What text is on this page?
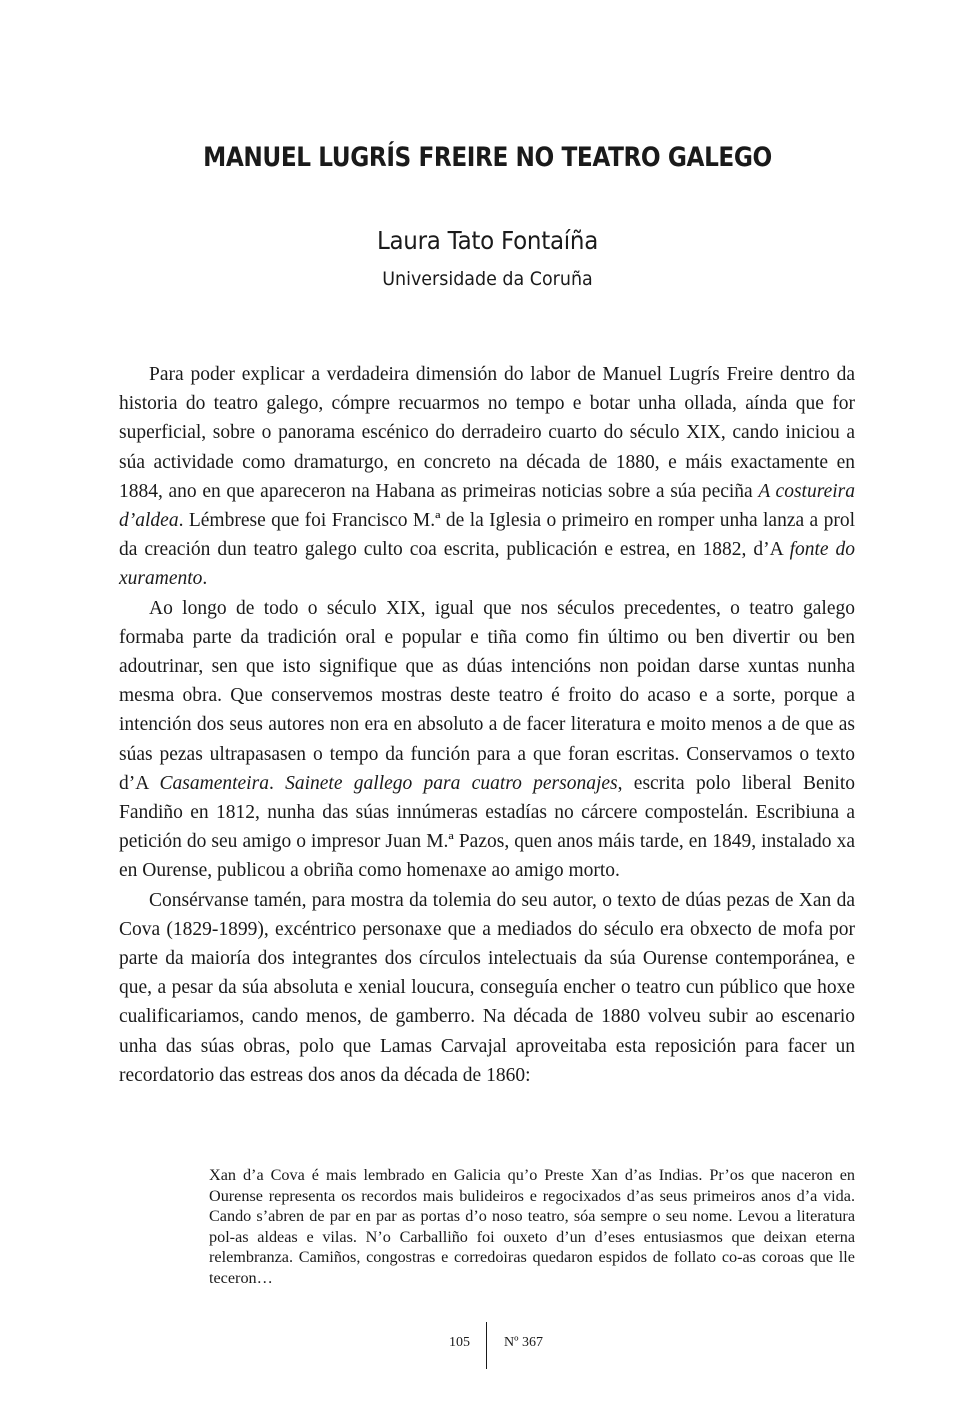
MANUEL LUGRÍS FREIRE NO TEATRO GALEGO
Laura Tato Fontaíña
Universidade da Coruña

Para poder explicar a verdadeira dimensión do labor de Manuel Lugrís Freire dentro da historia do teatro galego, cómpre recuarmos no tempo e botar unha ollada, aínda que for superficial, sobre o panorama escénico do derradeiro cuarto do século XIX, cando iniciou a súa actividade como dramaturgo, en concreto na década de 1880, e máis exactamente en 1884, ano en que apareceron na Habana as primeiras noticias sobre a súa peciña A costureira d’aldea. Lémbrese que foi Francisco M.ª de la Iglesia o primeiro en romper unha lanza a prol da creación dun teatro galego culto coa escrita, publicación e estrea, en 1882, d’A fonte do xuramento.

Ao longo de todo o século XIX, igual que nos séculos precedentes, o teatro galego formaba parte da tradición oral e popular e tiña como fin último ou ben divertir ou ben adoutrinar, sen que isto signifique que as dúas intencións non poidan darse xuntas nunha mesma obra. Que conservemos mostras deste teatro é froito do acaso e a sorte, porque a intención dos seus autores non era en absoluto a de facer literatura e moito menos a de que as súas pezas ultrapasasen o tempo da función para a que foran escritas. Conservamos o texto d’A Casamenteira. Sainete gallego para cuatro personajes, escrita polo liberal Benito Fandiño en 1812, nunha das súas innúmeras estadías no cárcere compostelán. Escribiuna a petición do seu amigo o impresor Juan M.ª Pazos, quen anos máis tarde, en 1849, instalado xa en Ourense, publicou a obriña como homenaxe ao amigo morto.

Consérvanse tamén, para mostra da tolemia do seu autor, o texto de dúas pezas de Xan da Cova (1829-1899), excéntrico personaxe que a mediados do século era obxecto de mofa por parte da maioría dos integrantes dos círculos intelectuais da súa Ourense contemporánea, e que, a pesar da súa absoluta e xenial loucura, conseguía encher o teatro cun público que hoxe cualificariamos, cando menos, de gamberro. Na década de 1880 volveu subir ao escenario unha das súas obras, polo que Lamas Carvajal aproveitaba esta reposición para facer un recordatorio das estreas dos anos da década de 1860:

Xan d’a Cova é mais lembrado en Galicia qu’o Preste Xan d’as Indias. Pr’os que naceron en Ourense representa os recordos mais bulideiros e regocixados d’as seus primeiros anos d’a vida. Cando s’abren de par en par as portas d’o noso teatro, sóa sempre o seu nome. Levou a literatura pol-as aldeas e vilas. N’o Carballiño foi ouxeto d’un d’eses entusiasmos que deixan eterna relembranza. Camiños, congostras e corredoiras quedaron espidos de follato co-as coroas que lle teceron…

105 Nº 367
